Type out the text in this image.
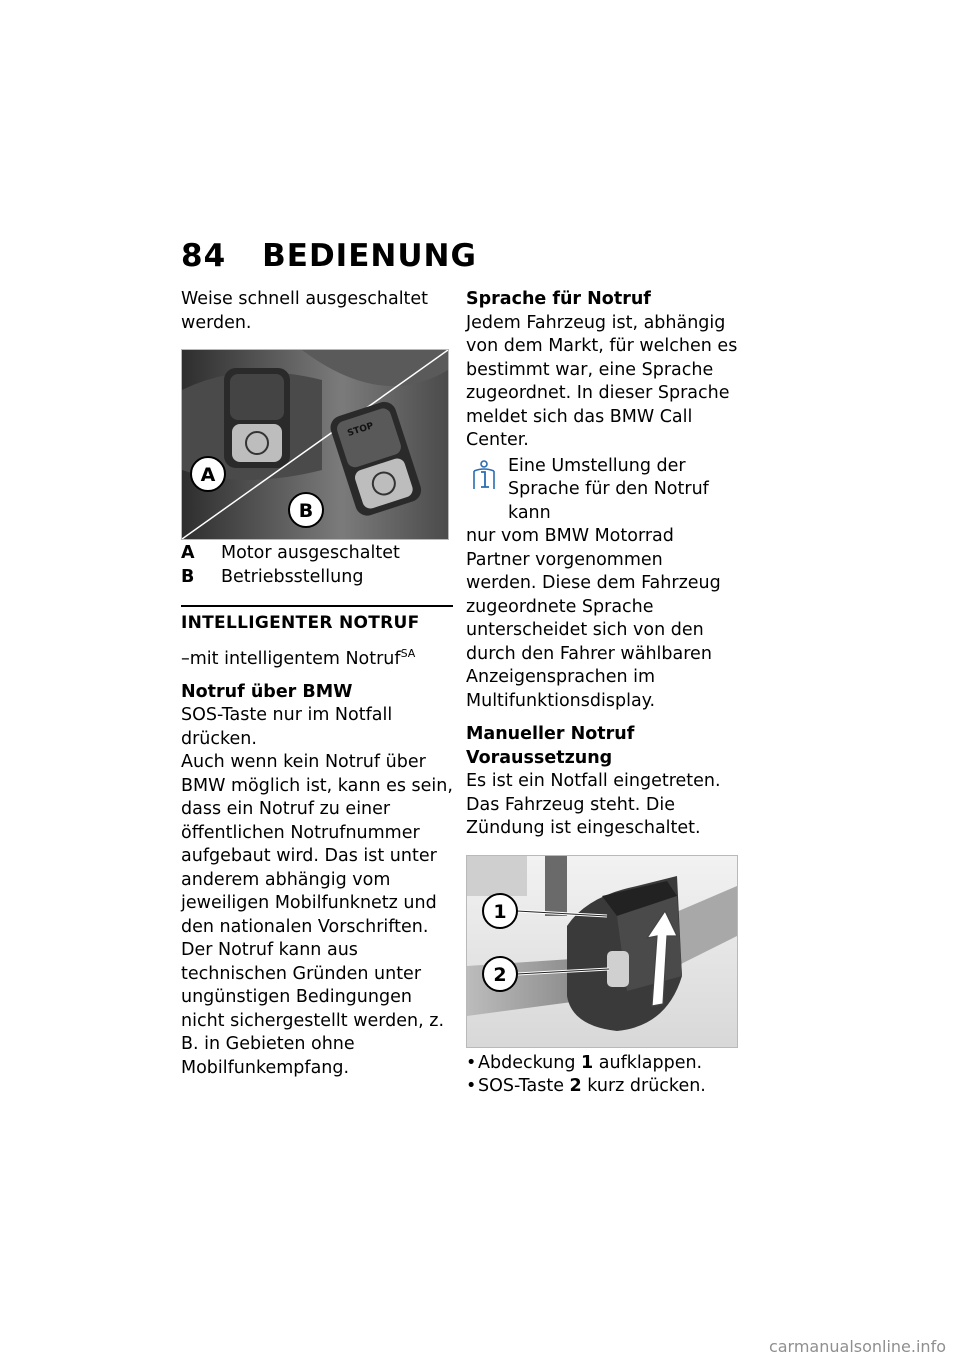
84 BEDIENUNG

Weise schnell ausgeschaltet werden.

STOP
A
B
A	Motor ausgeschaltet
B	Betriebsstellung
INTELLIGENTER NOTRUF

–mit intelligentem Notruf$^{SA}$

Notruf über BMW

SOS-Taste nur im Notfall drücken.

Auch wenn kein Notruf über BMW möglich ist, kann es sein, dass ein Notruf zu einer öffentlichen Notrufnummer aufgebaut wird. Das ist unter anderem abhängig vom jeweiligen Mobilfunknetz und den nationalen Vorschriften.

Der Notruf kann aus technischen Gründen unter ungünstigen Bedingungen nicht sichergestellt werden, z. B. in Gebieten ohne Mobilfunkempfang.

Sprache für Notruf

Jedem Fahrzeug ist, abhängig von dem Markt, für welchen es bestimmt war, eine Sprache zugeordnet. In dieser Sprache meldet sich das BMW Call Center.

Eine Umstellung der Sprache für den Notruf kann

nur vom BMW Motorrad Partner vorgenommen werden. Diese dem Fahrzeug zugeordnete Sprache unterscheidet sich von den durch den Fahrer wählbaren Anzeigensprachen im Multifunktionsdisplay.

Manueller Notruf

Voraussetzung

Es ist ein Notfall eingetreten.

Das Fahrzeug steht. Die Zündung ist eingeschaltet.

1
2
• Abdeckung 1 aufklappen.
• SOS-Taste 2 kurz drücken.
carmanualsonline.info
